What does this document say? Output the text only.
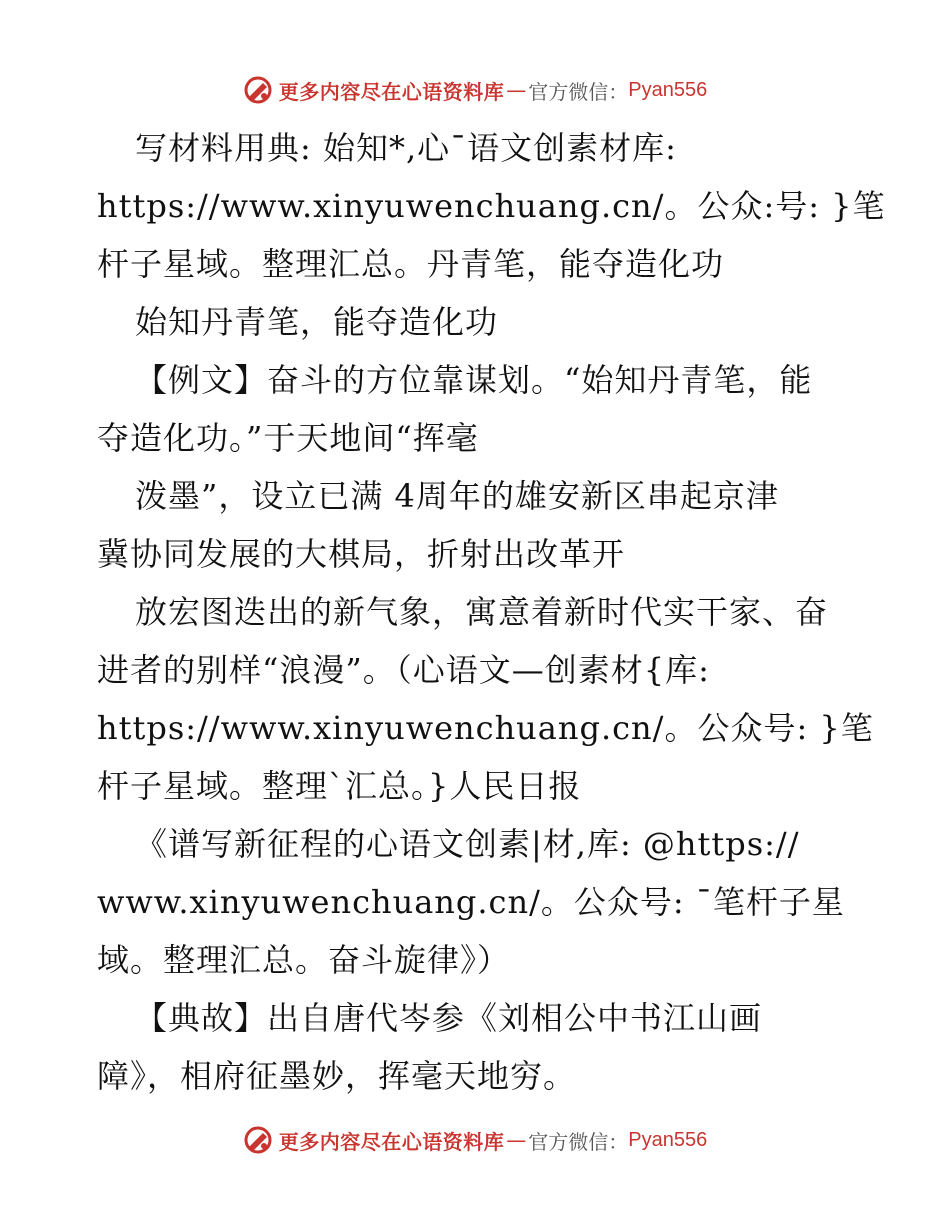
更多内容尽在心语资料库 — 官方微信： Pyan556
写材料用典: 始知*,心¯语文创素材库:
https://www.xinyuwenchuang.cn/。公众:号: }笔
杆子星域。整理汇总。丹青笔，能夺造化功
始知丹青笔，能夺造化功
【例文】奋斗的方位靠谋划。“始知丹青笔，能
夺造化功。”于天地间“挥毫
泼墨”，设立已满 4周年的雄安新区串起京津
冀协同发展的大棋局，折射出改革开
放宏图迭出的新气象，寓意着新时代实干家、奋
进者的别样“浪漫”。（心语文—创素材{库:
https://www.xinyuwenchuang.cn/。公众号: }笔
杆子星域。整理`汇总。}人民日报
《谱写新征程的心语文创素|材,库: @https://
www.xinyuwenchuang.cn/。公众号: ¯笔杆子星
域。整理汇总。奋斗旋律》）
【典故】出自唐代岑参《刘相公中书江山画
障》，相府征墨妙，挥毫天地穷。
更多内容尽在心语资料库 — 官方微信： Pyan556
